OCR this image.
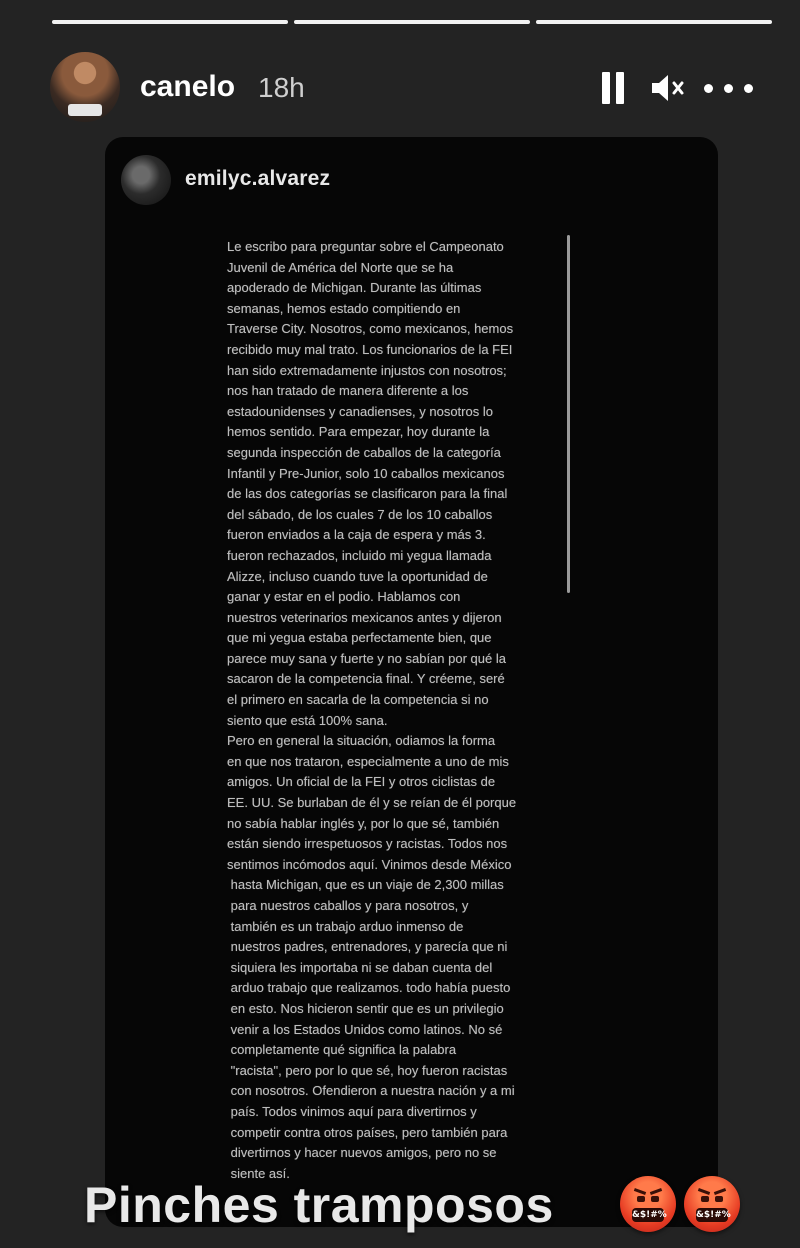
canelo 18h
emilyc.alvarez
Le escribo para preguntar sobre el Campeonato
Juvenil de América del Norte que se ha
apoderado de Michigan. Durante las últimas
semanas, hemos estado compitiendo en
Traverse City. Nosotros, como mexicanos, hemos
recibido muy mal trato. Los funcionarios de la FEI
han sido extremadamente injustos con nosotros;
nos han tratado de manera diferente a los
estadounidenses y canadienses, y nosotros lo
hemos sentido. Para empezar, hoy durante la
segunda inspección de caballos de la categoría
Infantil y Pre-Junior, solo 10 caballos mexicanos
de las dos categorías se clasificaron para la final
del sábado, de los cuales 7 de los 10 caballos
fueron enviados a la caja de espera y más 3.
fueron rechazados, incluido mi yegua llamada
Alizze, incluso cuando tuve la oportunidad de
ganar y estar en el podio. Hablamos con
nuestros veterinarios mexicanos antes y dijeron
que mi yegua estaba perfectamente bien, que
parece muy sana y fuerte y no sabían por qué la
sacaron de la competencia final. Y créeme, seré
el primero en sacarla de la competencia si no
siento que está 100% sana.
Pero en general la situación, odiamos la forma
en que nos trataron, especialmente a uno de mis
amigos. Un oficial de la FEI y otros ciclistas de
EE. UU. Se burlaban de él y se reían de él porque
no sabía hablar inglés y, por lo que sé, también
están siendo irrespetuosos y racistas. Todos nos
sentimos incómodos aquí. Vinimos desde México
hasta Michigan, que es un viaje de 2,300 millas
para nuestros caballos y para nosotros, y
también es un trabajo arduo inmenso de
nuestros padres, entrenadores, y parecía que ni
siquiera les importaba ni se daban cuenta del
arduo trabajo que realizamos. todo había puesto
en esto. Nos hicieron sentir que es un privilegio
venir a los Estados Unidos como latinos. No sé
completamente qué significa la palabra
"racista", pero por lo que sé, hoy fueron racistas
con nosotros. Ofendieron a nuestra nación y a mi
país. Todos vinimos aquí para divertirnos y
competir contra otros países, pero también para
divertirnos y hacer nuevos amigos, pero no se
siente así.
Pinches tramposos	&$!#%	&$!#%
